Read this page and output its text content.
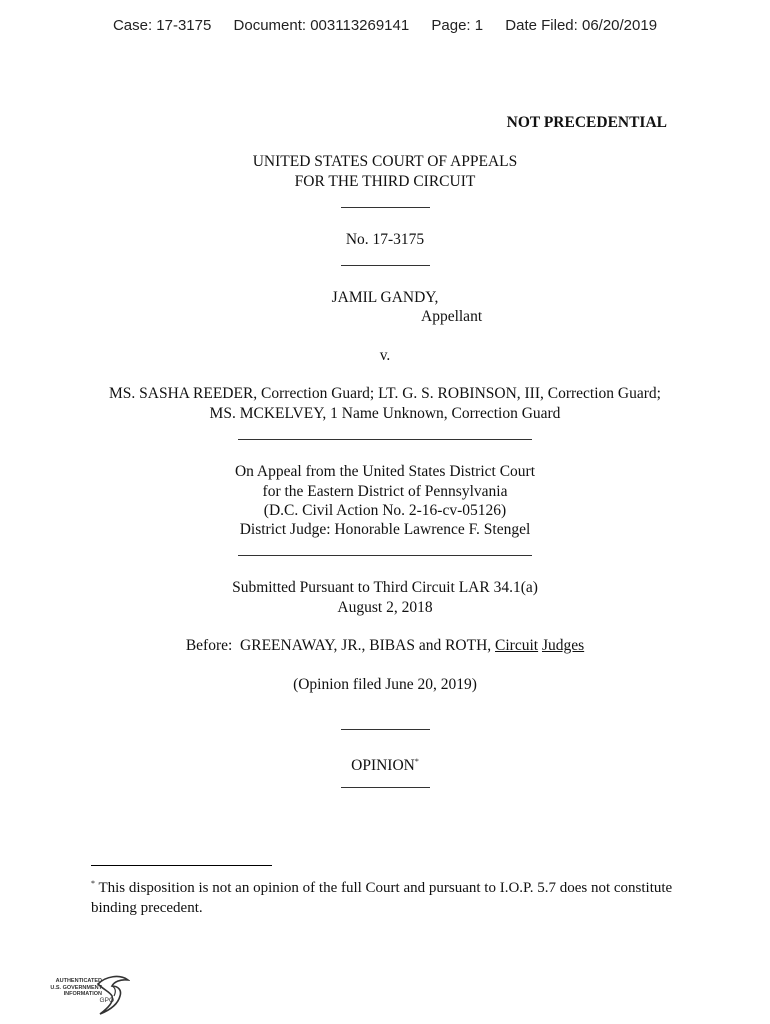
Case: 17-3175 Document: 003113269141 Page: 1 Date Filed: 06/20/2019
NOT PRECEDENTIAL
UNITED STATES COURT OF APPEALS
FOR THE THIRD CIRCUIT
No. 17-3175
JAMIL GANDY,
Appellant
v.
MS. SASHA REEDER, Correction Guard; LT. G. S. ROBINSON, III, Correction Guard;
MS. MCKELVEY, 1 Name Unknown, Correction Guard
On Appeal from the United States District Court
for the Eastern District of Pennsylvania
(D.C. Civil Action No. 2-16-cv-05126)
District Judge: Honorable Lawrence F. Stengel
Submitted Pursuant to Third Circuit LAR 34.1(a)
August 2, 2018
Before:  GREENAWAY, JR., BIBAS and ROTH, Circuit Judges
(Opinion filed June 20, 2019)
OPINION*
* This disposition is not an opinion of the full Court and pursuant to I.O.P. 5.7 does not constitute binding precedent.
AUTHENTICATED
U.S. GOVERNMENT
INFORMATION
GPO
